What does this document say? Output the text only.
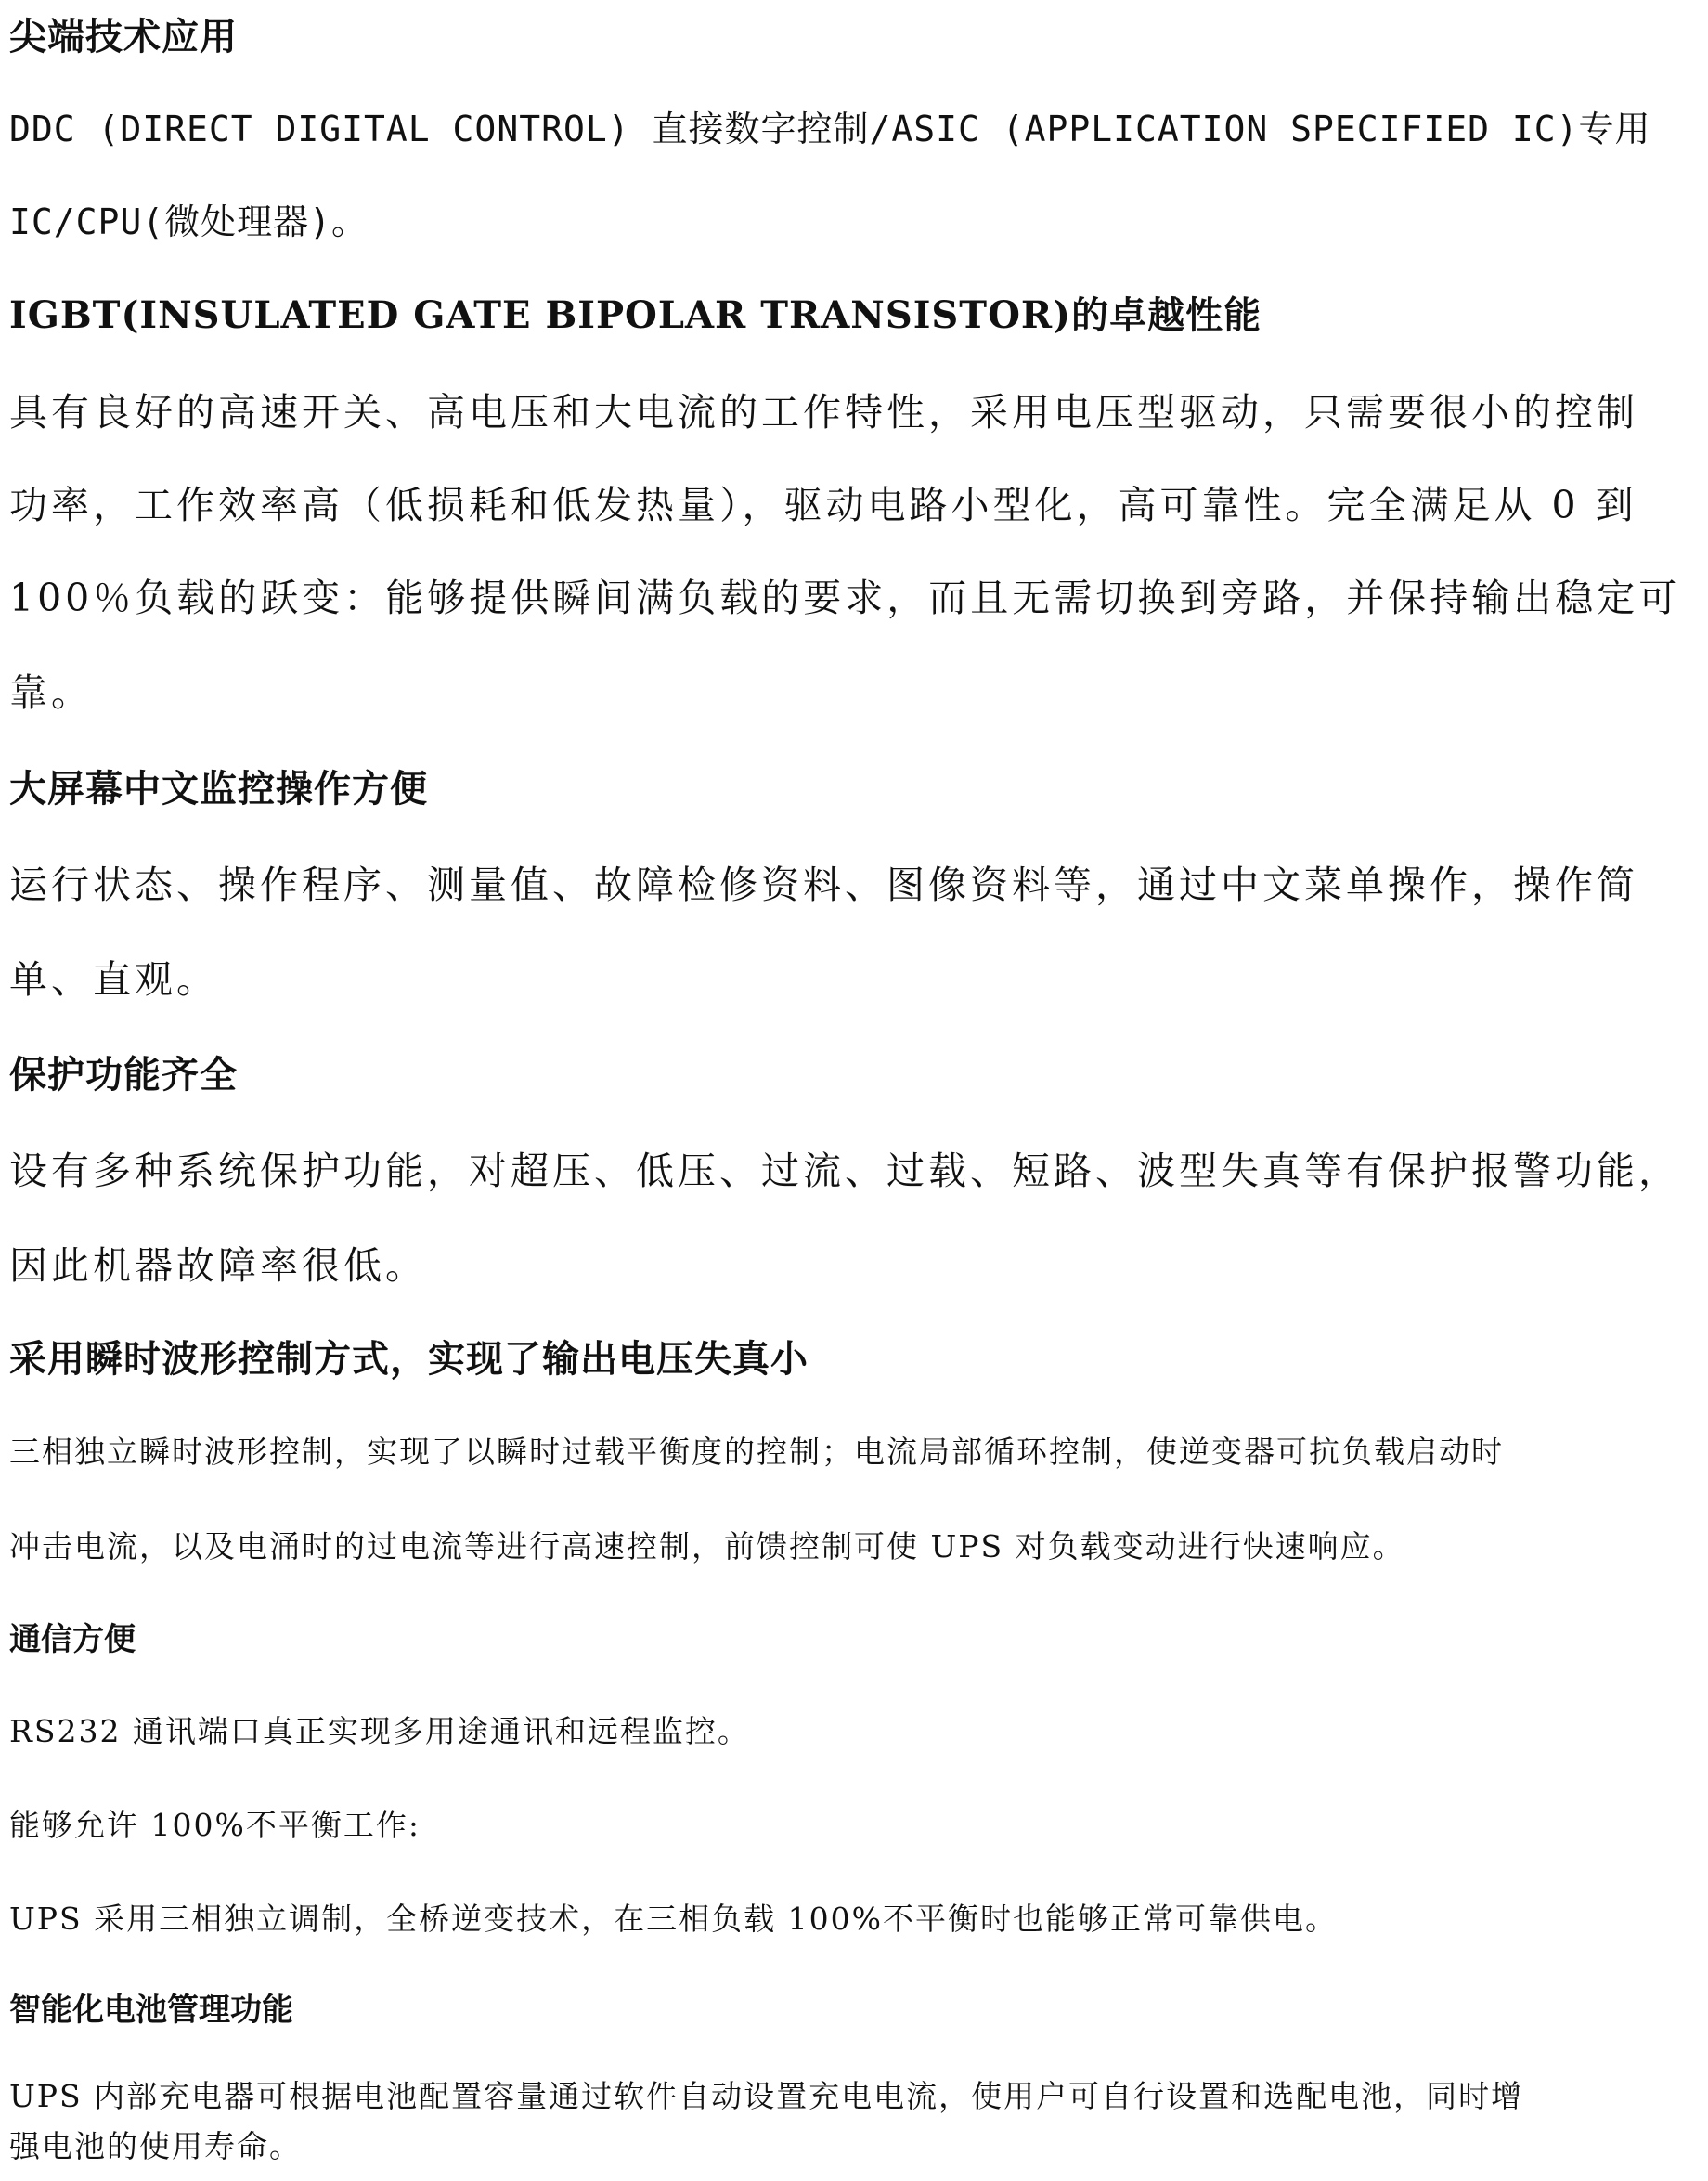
尖端技术应用
DDC (DIRECT DIGITAL CONTROL) 直接数字控制/ASIC (APPLICATION SPECIFIED IC)专用
IC/CPU(微处理器)。
IGBT(INSULATED GATE BIPOLAR TRANSISTOR)的卓越性能
具有良好的高速开关、高电压和大电流的工作特性，采用电压型驱动，只需要很小的控制
功率，工作效率高（低损耗和低发热量），驱动电路小型化，高可靠性。完全满足从 0 到
100％负载的跃变：能够提供瞬间满负载的要求，而且无需切换到旁路，并保持输出稳定可
靠。
大屏幕中文监控操作方便
运行状态、操作程序、测量值、故障检修资料、图像资料等，通过中文菜单操作，操作简
单、直观。
保护功能齐全
设有多种系统保护功能，对超压、低压、过流、过载、短路、波型失真等有保护报警功能，
因此机器故障率很低。
采用瞬时波形控制方式，实现了输出电压失真小
三相独立瞬时波形控制，实现了以瞬时过载平衡度的控制；电流局部循环控制，使逆变器可抗负载启动时
冲击电流，以及电涌时的过电流等进行高速控制，前馈控制可使 UPS 对负载变动进行快速响应。
通信方便
RS232 通讯端口真正实现多用途通讯和远程监控。
能够允许 100%不平衡工作:
UPS 采用三相独立调制，全桥逆变技术，在三相负载 100%不平衡时也能够正常可靠供电。
智能化电池管理功能
UPS 内部充电器可根据电池配置容量通过软件自动设置充电电流，使用户可自行设置和选配电池，同时增
强电池的使用寿命。
